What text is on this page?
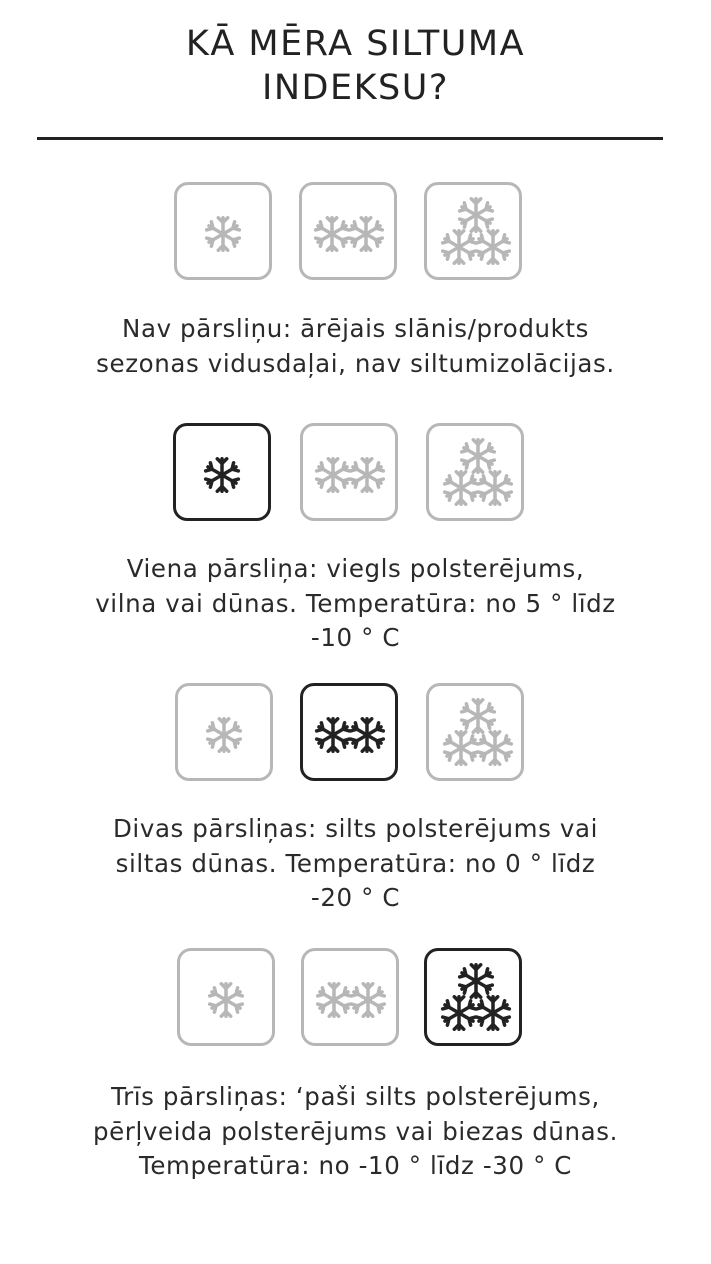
KĀ MĒRA SILTUMA
INDEKSU?
Nav pārsliņu: ārējais slānis/produkts
sezonas vidusdaļai, nav siltumizolācijas.
Viena pārsliņa: viegls polsterējums,
vilna vai dūnas. Temperatūra: no 5 ° līdz
-10 ° C
Divas pārsliņas: silts polsterējums vai
siltas dūnas. Temperatūra: no 0 ° līdz
-20 ° C
Trīs pārsliņas: ‘paši silts polsterējums,
pērļveida polsterējums vai biezas dūnas.
Temperatūra: no -10 ° līdz -30 ° C
